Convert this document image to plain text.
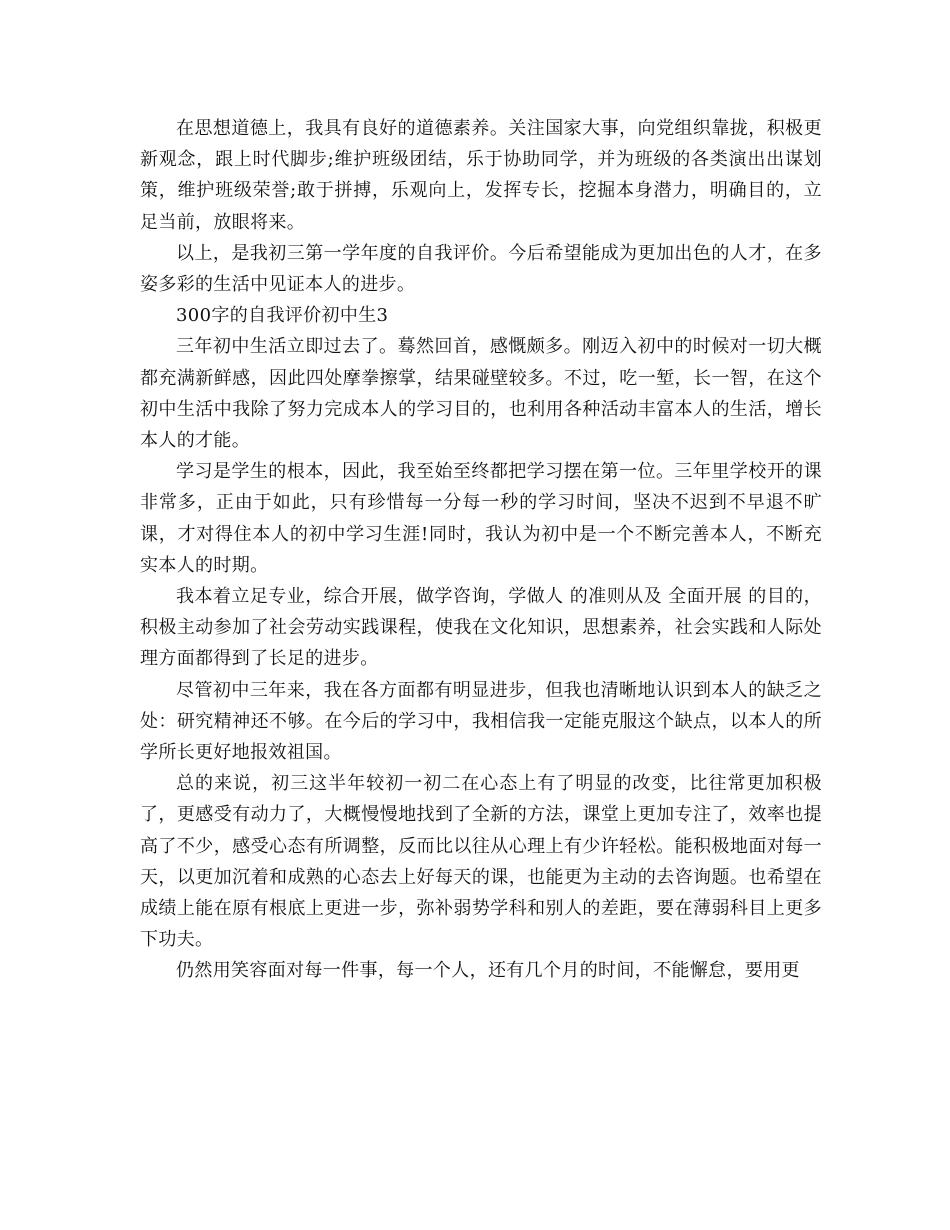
在思想道德上，我具有良好的道德素养。关注国家大事，向党组织靠拢，积极更新观念，跟上时代脚步;维护班级团结，乐于协助同学，并为班级的各类演出出谋划策，维护班级荣誉;敢于拼搏，乐观向上，发挥专长，挖掘本身潜力，明确目的，立足当前，放眼将来。

以上，是我初三第一学年度的自我评价。今后希望能成为更加出色的人才，在多姿多彩的生活中见证本人的进步。

300字的自我评价初中生3

三年初中生活立即过去了。蓦然回首，感慨颇多。刚迈入初中的时候对一切大概都充满新鲜感，因此四处摩拳擦掌，结果碰壁较多。不过，吃一堑，长一智，在这个初中生活中我除了努力完成本人的学习目的，也利用各种活动丰富本人的生活，增长本人的才能。

学习是学生的根本，因此，我至始至终都把学习摆在第一位。三年里学校开的课非常多，正由于如此，只有珍惜每一分每一秒的学习时间，坚决不迟到不早退不旷课，才对得住本人的初中学习生涯!同时，我认为初中是一个不断完善本人，不断充实本人的时期。

我本着立足专业，综合开展，做学咨询，学做人 的准则从及 全面开展 的目的，积极主动参加了社会劳动实践课程，使我在文化知识，思想素养，社会实践和人际处理方面都得到了长足的进步。

尽管初中三年来，我在各方面都有明显进步，但我也清晰地认识到本人的缺乏之处：研究精神还不够。在今后的学习中，我相信我一定能克服这个缺点，以本人的所学所长更好地报效祖国。

总的来说，初三这半年较初一初二在心态上有了明显的改变，比往常更加积极了，更感受有动力了，大概慢慢地找到了全新的方法，课堂上更加专注了，效率也提高了不少，感受心态有所调整，反而比以往从心理上有少许轻松。能积极地面对每一天，以更加沉着和成熟的心态去上好每天的课，也能更为主动的去咨询题。也希望在成绩上能在原有根底上更进一步，弥补弱势学科和别人的差距，要在薄弱科目上更多下功夫。

仍然用笑容面对每一件事，每一个人，还有几个月的时间，不能懈怠，要用更
